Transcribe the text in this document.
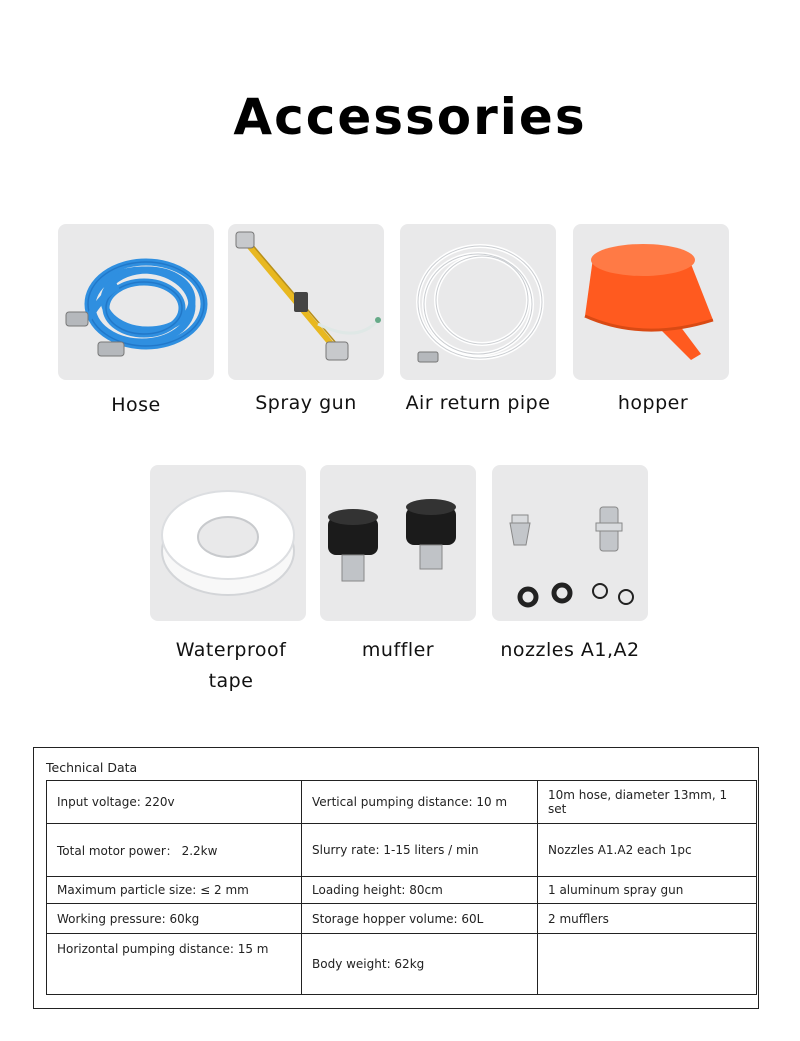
Accessories
Hose	Spray gun	Air return pipe	hopper
Waterproof
tape
muffler	nozzles A1,A2
Technical Data
Input voltage: 220v	Vertical pumping distance: 10 m	10m hose, diameter 13mm, 1 set
Total motor power： 2.2kw	Slurry rate: 1-15 liters / min	Nozzles A1.A2 each 1pc
Maximum particle size: ≤ 2 mm	Loading height: 80cm	1 aluminum spray gun
Working pressure: 60kg	Storage hopper volume: 60L	2 mufflers
Horizontal pumping distance: 15 m	Body weight: 62kg	
